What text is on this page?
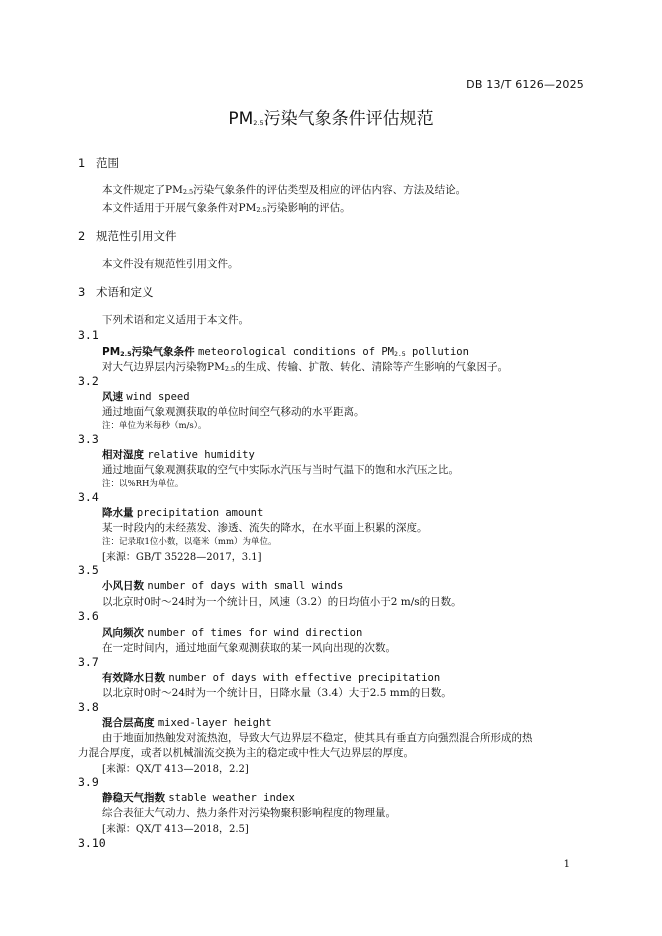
DB 13/T 6126—2025
$PM_{2.5}$污染气象条件评估规范
1 范围
本文件规定了PM2.5污染气象条件的评估类型及相应的评估内容、方法及结论。
本文件适用于开展气象条件对PM2.5污染影响的评估。
2 规范性引用文件
本文件没有规范性引用文件。
3 术语和定义
下列术语和定义适用于本文件。
3.1
PM2.5污染气象条件 meteorological conditions of PM2.5 pollution
对大气边界层内污染物PM2.5的生成、传输、扩散、转化、清除等产生影响的气象因子。
3.2
风速 wind speed
通过地面气象观测获取的单位时间空气移动的水平距离。
注：单位为米每秒（m/s）。
3.3
相对湿度 relative humidity
通过地面气象观测获取的空气中实际水汽压与当时气温下的饱和水汽压之比。
注：以%RH为单位。
3.4
降水量 precipitation amount
某一时段内的未经蒸发、渗透、流失的降水，在水平面上积累的深度。
注：记录取1位小数，以毫米（mm）为单位。
[来源：GB/T 35228—2017，3.1]
3.5
小风日数 number of days with small winds
以北京时0时～24时为一个统计日，风速（3.2）的日均值小于2 m/s的日数。
3.6
风向频次 number of times for wind direction
在一定时间内，通过地面气象观测获取的某一风向出现的次数。
3.7
有效降水日数 number of days with effective precipitation
以北京时0时～24时为一个统计日，日降水量（3.4）大于2.5 mm的日数。
3.8
混合层高度 mixed-layer height
由于地面加热触发对流热泡，导致大气边界层不稳定，使其具有垂直方向强烈混合所形成的热
力混合厚度，或者以机械湍流交换为主的稳定或中性大气边界层的厚度。
[来源：QX/T 413—2018，2.2]
3.9
静稳天气指数 stable weather index
综合表征大气动力、热力条件对污染物聚积影响程度的物理量。
[来源：QX/T 413—2018，2.5]
3.10
1
